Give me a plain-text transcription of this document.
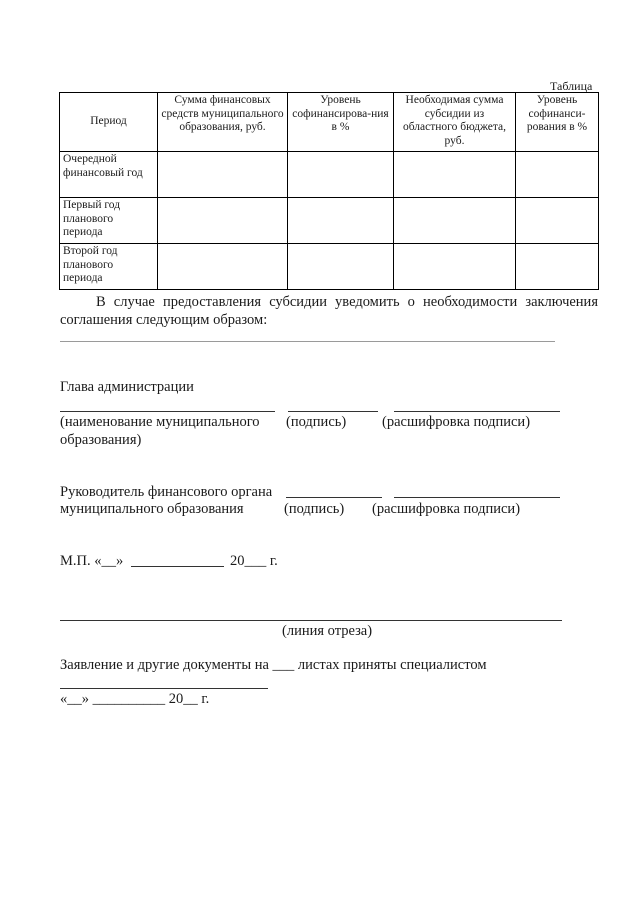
Таблица
Период	Сумма финансовых средств муниципального образования, руб.	Уровень софинансирова-ния в %	Необходимая сумма субсидии из областного бюджета, руб.	Уровень софинанси-рования в %
Очередной финансовый год				
Первый год планового периода				
Второй год планового периода				
В случае предоставления субсидии уведомить о необходимости заключения соглашения следующим образом:
Глава администрации
(наименование муниципального (подпись) (расшифровка подписи)
образования)
Руководитель финансового органа
муниципального образования	(подпись) (расшифровка подписи)
М.П. «__»	20___ г.
(линия отреза)
Заявление и другие документы на ___ листах приняты специалистом
«__» __________ 20__ г.
